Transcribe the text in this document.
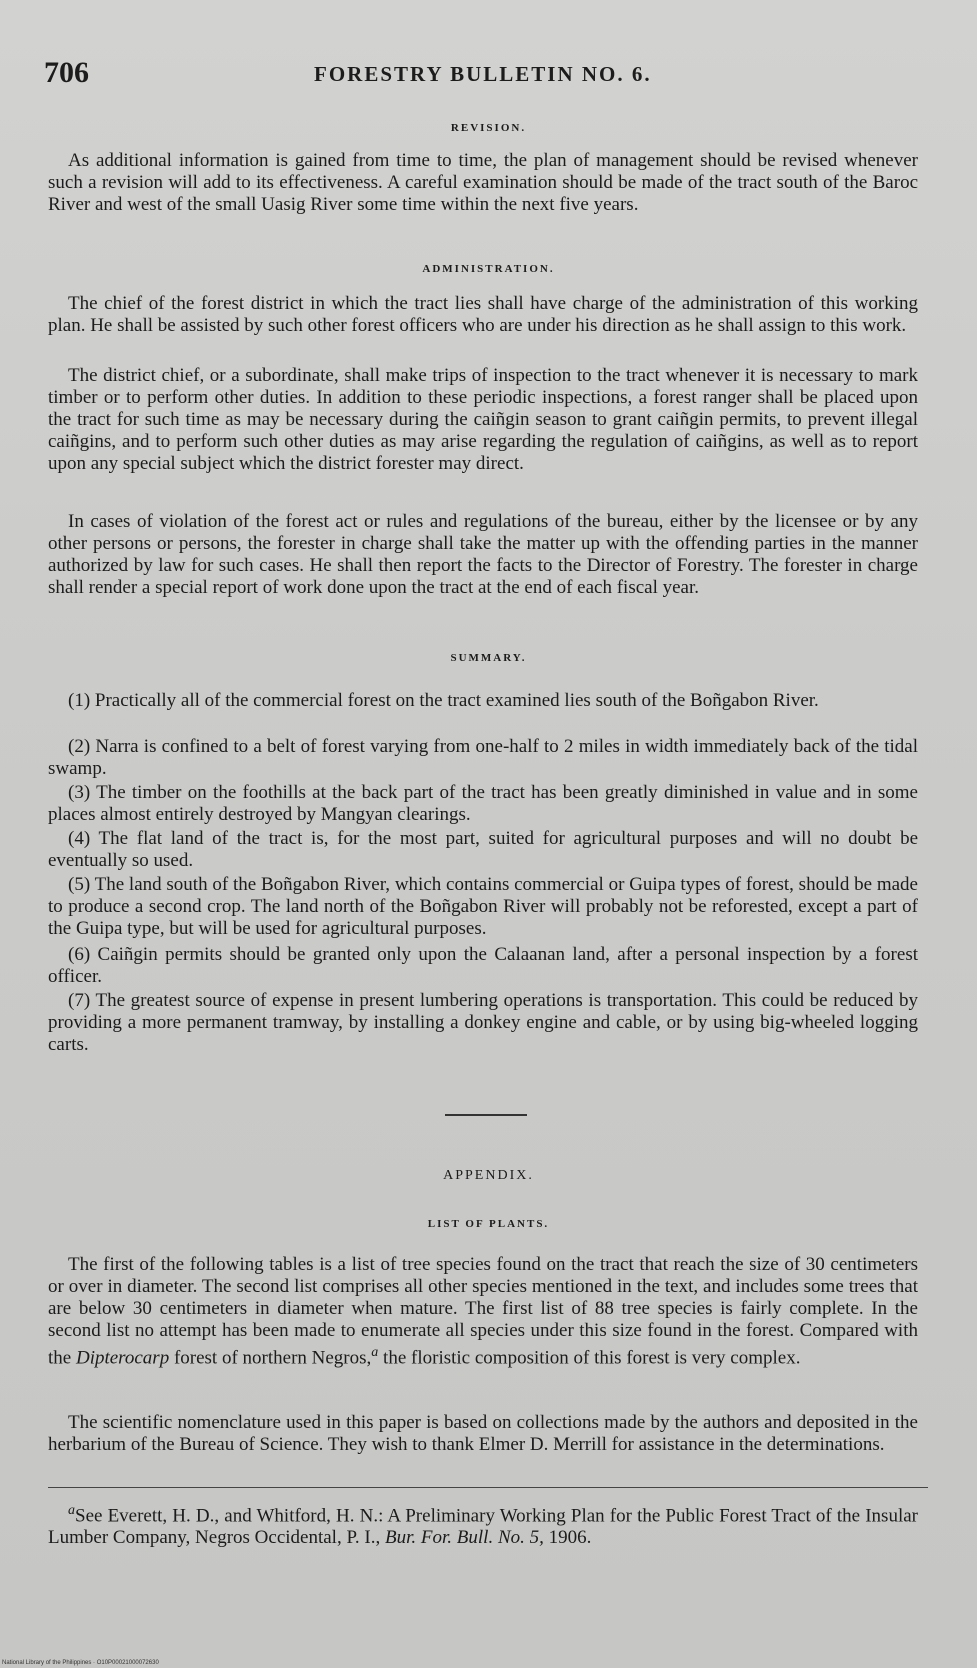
706	FORESTRY BULLETIN NO. 6.
REVISION.
As additional information is gained from time to time, the plan of management should be revised whenever such a revision will add to its effectiveness. A careful examination should be made of the tract south of the Baroc River and west of the small Uasig River some time within the next five years.
ADMINISTRATION.
The chief of the forest district in which the tract lies shall have charge of the administration of this working plan. He shall be assisted by such other forest officers who are under his direction as he shall assign to this work.
The district chief, or a subordinate, shall make trips of inspection to the tract whenever it is necessary to mark timber or to perform other duties. In addition to these periodic inspections, a forest ranger shall be placed upon the tract for such time as may be necessary during the caiñgin season to grant caiñgin permits, to prevent illegal caiñgins, and to perform such other duties as may arise regarding the regulation of caiñgins, as well as to report upon any special subject which the district forester may direct.
In cases of violation of the forest act or rules and regulations of the bureau, either by the licensee or by any other persons or persons, the forester in charge shall take the matter up with the offending parties in the manner authorized by law for such cases. He shall then report the facts to the Director of Forestry. The forester in charge shall render a special report of work done upon the tract at the end of each fiscal year.
SUMMARY.
(1) Practically all of the commercial forest on the tract examined lies south of the Boñgabon River.
(2) Narra is confined to a belt of forest varying from one-half to 2 miles in width immediately back of the tidal swamp.
(3) The timber on the foothills at the back part of the tract has been greatly diminished in value and in some places almost entirely destroyed by Mangyan clearings.
(4) The flat land of the tract is, for the most part, suited for agricultural purposes and will no doubt be eventually so used.
(5) The land south of the Boñgabon River, which contains commercial or Guipa types of forest, should be made to produce a second crop. The land north of the Boñgabon River will probably not be reforested, except a part of the Guipa type, but will be used for agricultural purposes.
(6) Caiñgin permits should be granted only upon the Calaanan land, after a personal inspection by a forest officer.
(7) The greatest source of expense in present lumbering operations is transportation. This could be reduced by providing a more permanent tramway, by installing a donkey engine and cable, or by using big-wheeled logging carts.
APPENDIX.
LIST OF PLANTS.
The first of the following tables is a list of tree species found on the tract that reach the size of 30 centimeters or over in diameter. The second list comprises all other species mentioned in the text, and includes some trees that are below 30 centimeters in diameter when mature. The first list of 88 tree species is fairly complete. In the second list no attempt has been made to enumerate all species under this size found in the forest. Compared with the Dipterocarp forest of northern Negros,$^a$ the floristic composition of this forest is very complex.
The scientific nomenclature used in this paper is based on collections made by the authors and deposited in the herbarium of the Bureau of Science. They wish to thank Elmer D. Merrill for assistance in the determinations.
$^a$See Everett, H. D., and Whitford, H. N.: A Preliminary Working Plan for the Public Forest Tract of the Insular Lumber Company, Negros Occidental, P. I., Bur. For. Bull. No. 5, 1906.
National Library of the Philippines · O10P00021000072630
